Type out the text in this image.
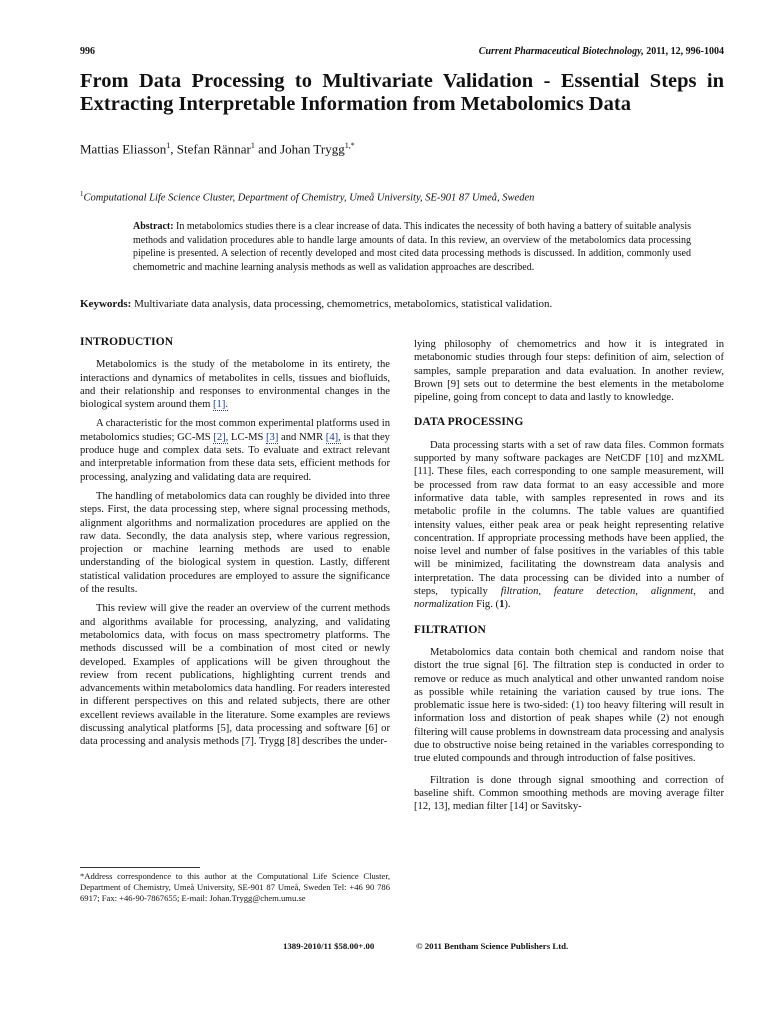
996	Current Pharmaceutical Biotechnology, 2011, 12, 996-1004
From Data Processing to Multivariate Validation - Essential Steps in Extracting Interpretable Information from Metabolomics Data
Mattias Eliasson$^1$, Stefan Rännar$^1$ and Johan Trygg$^{1,*}$
$^1$Computational Life Science Cluster, Department of Chemistry, Umeå University, SE-901 87 Umeå, Sweden
Abstract: In metabolomics studies there is a clear increase of data. This indicates the necessity of both having a battery of suitable analysis methods and validation procedures able to handle large amounts of data. In this review, an overview of the metabolomics data processing pipeline is presented. A selection of recently developed and most cited data processing methods is discussed. In addition, commonly used chemometric and machine learning analysis methods as well as validation approaches are described.
Keywords: Multivariate data analysis, data processing, chemometrics, metabolomics, statistical validation.
INTRODUCTION

Metabolomics is the study of the metabolome in its entirety, the interactions and dynamics of metabolites in cells, tissues and biofluids, and their relationship and responses to environmental changes in the biological system around them [1].

A characteristic for the most common experimental platforms used in metabolomics studies; GC-MS [2], LC-MS [3] and NMR [4], is that they produce huge and complex data sets. To evaluate and extract relevant and interpretable information from these data sets, efficient methods for processing, analyzing and validating data are required.

The handling of metabolomics data can roughly be divided into three steps. First, the data processing step, where signal processing methods, alignment algorithms and normalization procedures are applied on the raw data. Secondly, the data analysis step, where various regression, projection or machine learning methods are used to enable understanding of the biological system in question. Lastly, different statistical validation procedures are employed to assure the significance of the results.

This review will give the reader an overview of the current methods and algorithms available for processing, analyzing, and validating metabolomics data, with focus on mass spectrometry platforms. The methods discussed will be a combination of most cited or newly developed. Examples of applications will be given throughout the review from recent publications, highlighting current trends and advancements within metabolomics data handling. For readers interested in different perspectives on this and related subjects, there are other excellent reviews available in the literature. Some examples are reviews discussing analytical platforms [5], data processing and software [6] or data processing and analysis methods [7]. Trygg [8] describes the under-

lying philosophy of chemometrics and how it is integrated in metabonomic studies through four steps: definition of aim, selection of samples, sample preparation and data evaluation. In another review, Brown [9] sets out to determine the best elements in the metabolome pipeline, going from concept to data and lastly to knowledge.

DATA PROCESSING

Data processing starts with a set of raw data files. Common formats supported by many software packages are NetCDF [10] and mzXML [11]. These files, each corresponding to one sample measurement, will be processed from raw data format to an easy accessible and more informative data table, with samples represented in rows and its metabolic profile in the columns. The table values are quantified intensity values, either peak area or peak height representing relative concentration. If appropriate processing methods have been applied, the noise level and number of false positives in the variables of this table will be minimized, facilitating the downstream data analysis and interpretation. The data processing can be divided into a number of steps, typically filtration, feature detection, alignment, and normalization Fig. (1).

FILTRATION

Metabolomics data contain both chemical and random noise that distort the true signal [6]. The filtration step is conducted in order to remove or reduce as much analytical and other unwanted random noise as possible while retaining the variation caused by true ions. The problematic issue here is two-sided: (1) too heavy filtering will result in information loss and distortion of peak shapes while (2) not enough filtering will cause problems in downstream data processing and analysis due to obstructive noise being retained in the variables corresponding to true eluted compounds and through introduction of false positives.

Filtration is done through signal smoothing and correction of baseline shift. Common smoothing methods are moving average filter [12, 13], median filter [14] or Savitsky-

*Address correspondence to this author at the Computational Life Science Cluster, Department of Chemistry, Umeå University, SE-901 87 Umeå, Sweden Tel: +46 90 786 6917; Fax: +46-90-7867655; E-mail: Johan.Trygg@chem.umu.se
1389-2010/11 $58.00+.00	© 2011 Bentham Science Publishers Ltd.
